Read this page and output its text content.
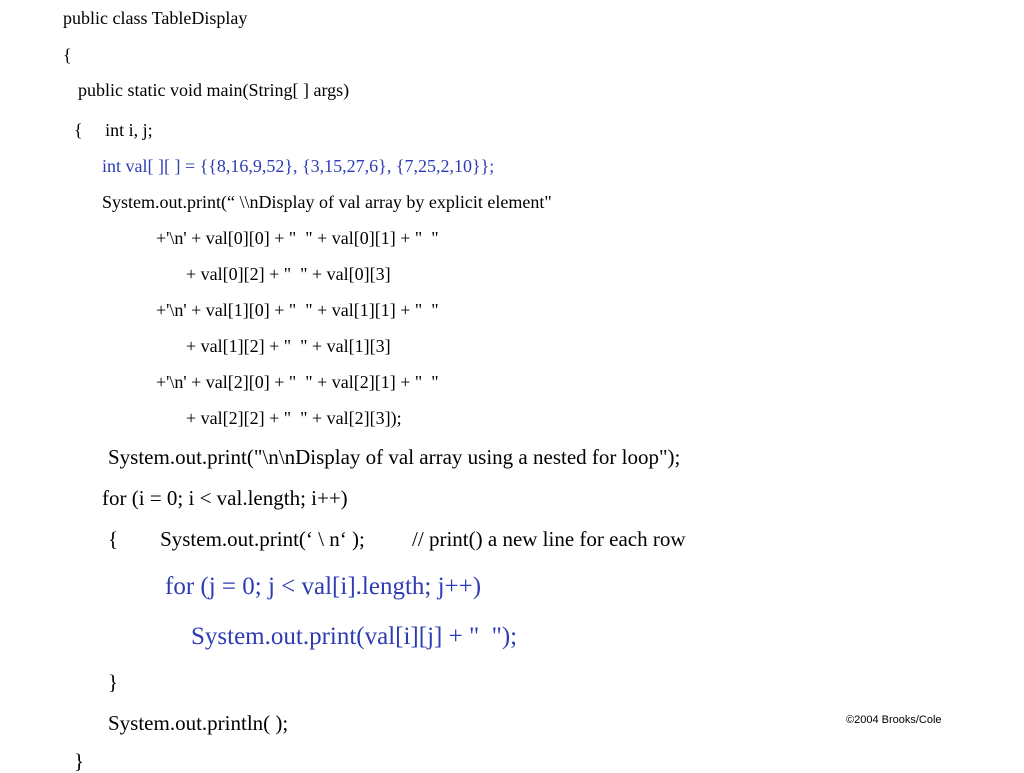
public class TableDisplay
{
public static void main(String[ ] args)
{     int i, j;
int val[ ][ ] = {{8,16,9,52}, {3,15,27,6}, {7,25,2,10}};
System.out.print(“ \\nDisplay of val array by explicit element"
+'\n' + val[0][0] + "  " + val[0][1] + "  "
+ val[0][2] + "  " + val[0][3]
+'\n' + val[1][0] + "  " + val[1][1] + "  "
+ val[1][2] + "  " + val[1][3]
+'\n' + val[2][0] + "  " + val[2][1] + "  "
+ val[2][2] + "  " + val[2][3]);
System.out.print("\n\nDisplay of val array using a nested for loop");
for (i = 0; i < val.length; i++)
{        System.out.print(‘ \ n‘ );         // print() a new line for each row
for (j = 0; j < val[i].length; j++)
System.out.print(val[i][j] + "  ");
}
System.out.println( );
}
©2004 Brooks/Cole
